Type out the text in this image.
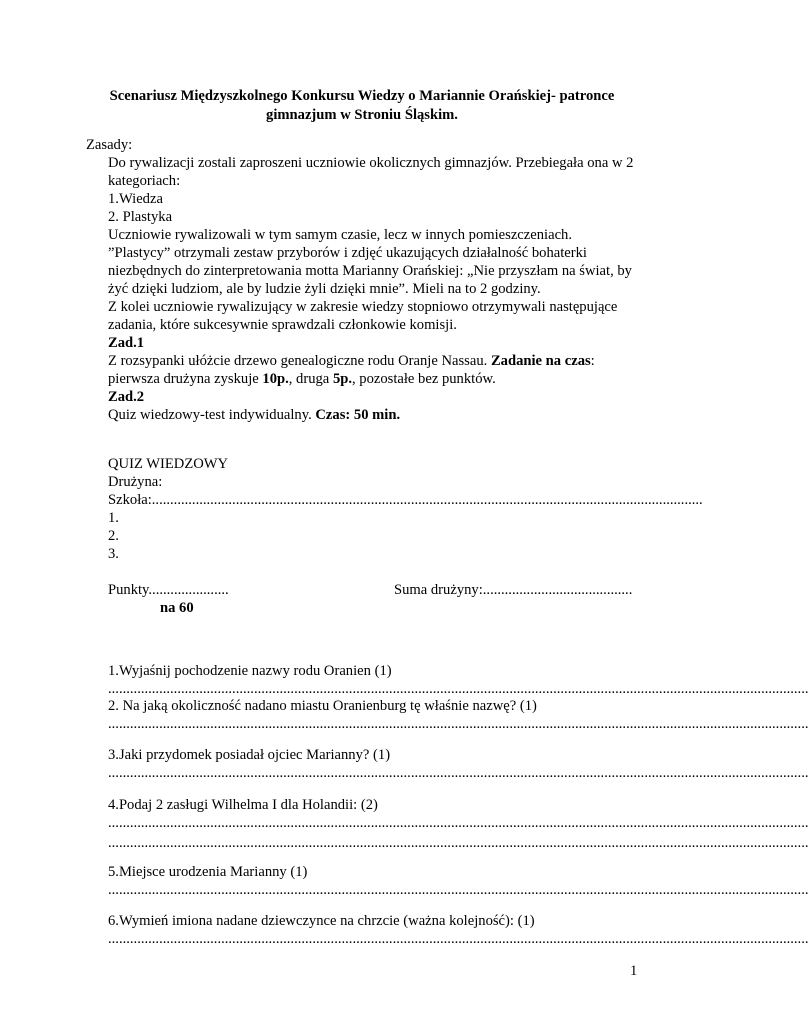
Scenariusz Międzyszkolnego Konkursu Wiedzy o Mariannie Orańskiej- patronce
gimnazjum w Stroniu Śląskim.
Zasady:
Do rywalizacji zostali zaproszeni uczniowie okolicznych gimnazjów. Przebiegała ona w 2
kategoriach:
1.Wiedza
2. Plastyka
Uczniowie rywalizowali w tym samym czasie, lecz w innych pomieszczeniach.
”Plastycy” otrzymali zestaw przyborów i zdjęć ukazujących działalność bohaterki
niezbędnych do zinterpretowania motta Marianny Orańskiej: „Nie przyszłam na świat, by
żyć dzięki ludziom, ale by ludzie żyli dzięki mnie”. Mieli na to 2 godziny.
Z kolei uczniowie rywalizujący w zakresie wiedzy stopniowo otrzymywali następujące
zadania, które sukcesywnie sprawdzali członkowie komisji.
Zad.1
Z rozsypanki ułóżcie drzewo genealogiczne rodu Oranje Nassau. Zadanie na czas:
pierwsza drużyna zyskuje 10p., druga 5p., pozostałe bez punktów.
Zad.2
Quiz wiedzowy-test indywidualny. Czas: 50 min.
QUIZ WIEDZOWY
Drużyna:
Szkoła:.......................................................................................................................................................
1.
2.
3.
Punkty......................	Suma drużyny:.........................................
na 60
1.Wyjaśnij pochodzenie nazwy rodu Oranien (1)
.....
2. Na jaką okoliczność nadano miastu Oranienburg tę właśnie nazwę? (1)
.....
3.Jaki przydomek posiadał ojciec Marianny? (1)
.....
4.Podaj 2 zasługi Wilhelma I dla Holandii: (2)
.....
.....
5.Miejsce urodzenia Marianny (1)
.....
6.Wymień imiona nadane dziewczynce na chrzcie (ważna kolejność): (1)
.....
1
